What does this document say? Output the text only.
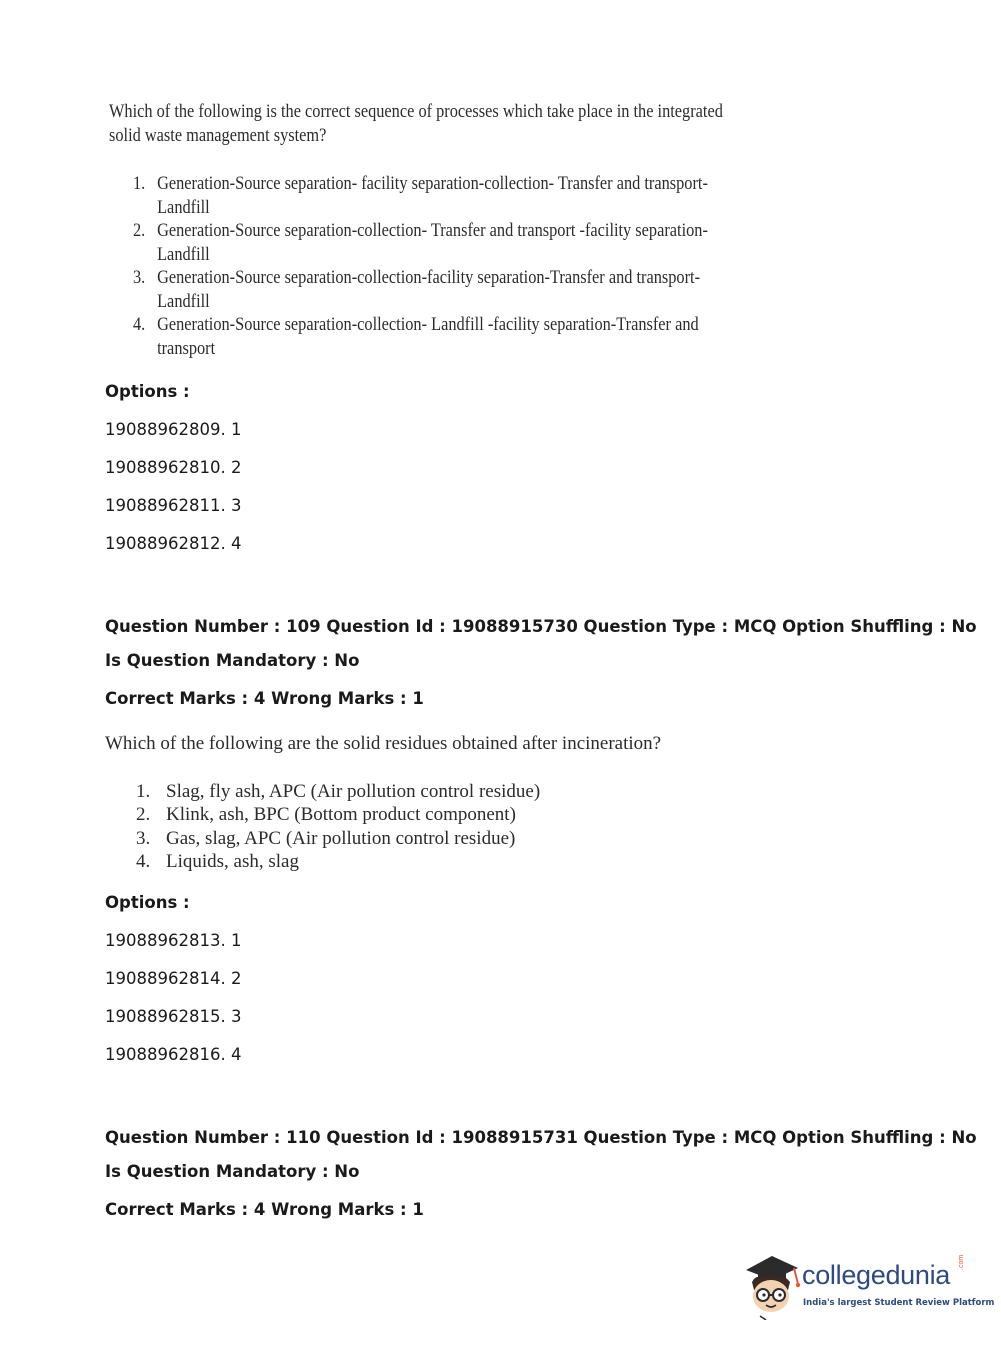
Which of the following is the correct sequence of processes which take place in the integrated solid waste management system?
1. Generation-Source separation- facility separation-collection- Transfer and transport-Landfill
2. Generation-Source separation-collection- Transfer and transport -facility separation-Landfill
3. Generation-Source separation-collection-facility separation-Transfer and transport-Landfill
4. Generation-Source separation-collection- Landfill -facility separation-Transfer and transport
Options :
19088962809. 1
19088962810. 2
19088962811. 3
19088962812. 4
Question Number : 109 Question Id : 19088915730 Question Type : MCQ Option Shuffling : No
Is Question Mandatory : No
Correct Marks : 4 Wrong Marks : 1
Which of the following are the solid residues obtained after incineration?
1. Slag, fly ash, APC (Air pollution control residue)
2. Klink, ash, BPC (Bottom product component)
3. Gas, slag, APC (Air pollution control residue)
4. Liquids, ash, slag
Options :
19088962813. 1
19088962814. 2
19088962815. 3
19088962816. 4
Question Number : 110 Question Id : 19088915731 Question Type : MCQ Option Shuffling : No
Is Question Mandatory : No
Correct Marks : 4 Wrong Marks : 1
collegedunia .com
India's largest Student Review Platform
